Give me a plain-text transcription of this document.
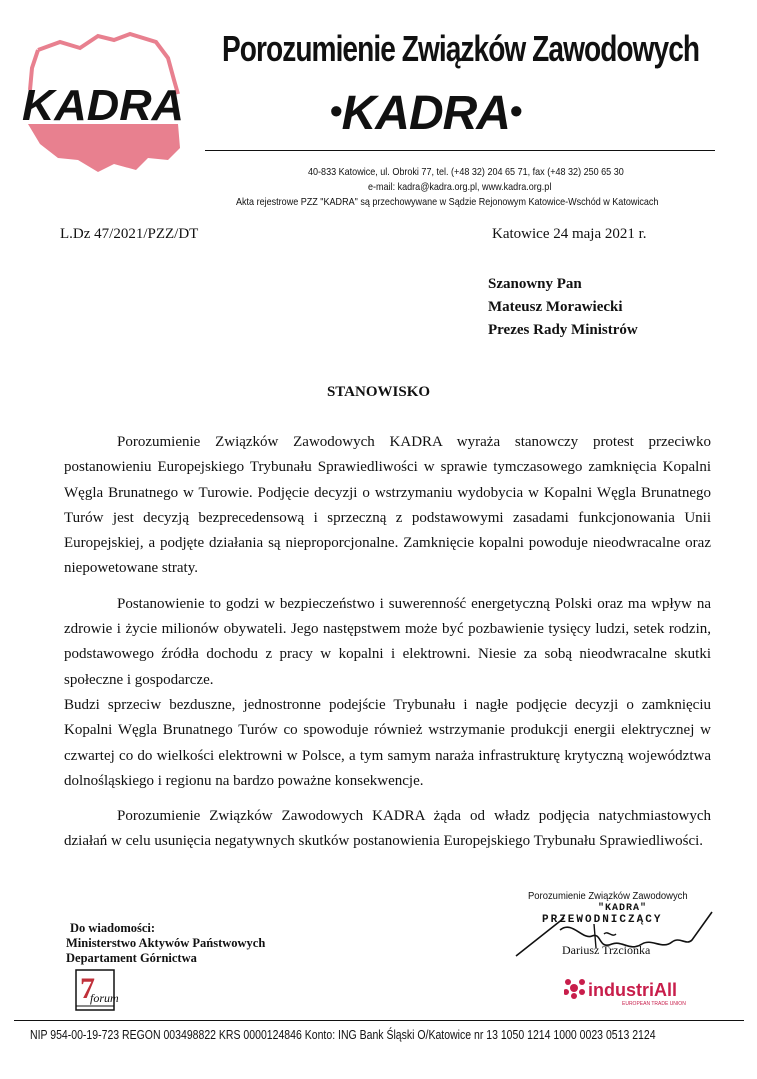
KADRA
Porozumienie Związków Zawodowych
•KADRA•
40-833 Katowice, ul. Obroki 77, tel. (+48 32) 204 65 71, fax (+48 32) 250 65 30
e-mail: kadra@kadra.org.pl, www.kadra.org.pl
Akta rejestrowe PZZ "KADRA" są przechowywane w Sądzie Rejonowym Katowice-Wschód w Katowicach
L.Dz 47/2021/PZZ/DT	Katowice 24 maja 2021 r.
Szanowny Pan
Mateusz Morawiecki
Prezes Rady Ministrów
STANOWISKO

Porozumienie Związków Zawodowych KADRA wyraża stanowczy protest przeciwko postanowieniu Europejskiego Trybunału Sprawiedliwości w sprawie tymczasowego zamknięcia Kopalni Węgla Brunatnego w Turowie. Podjęcie decyzji o wstrzymaniu wydobycia w Kopalni Węgla Brunatnego Turów jest decyzją bezprecedensową i sprzeczną z podstawowymi zasadami funkcjonowania Unii Europejskiej, a podjęte działania są nieproporcjonalne. Zamknięcie kopalni powoduje nieodwracalne oraz niepowetowane straty.

Postanowienie to godzi w bezpieczeństwo i suwerenność energetyczną Polski oraz ma wpływ na zdrowie i życie milionów obywateli. Jego następstwem może być pozbawienie tysięcy ludzi, setek rodzin, podstawowego źródła dochodu z pracy w kopalni i elektrowni. Niesie za sobą nieodwracalne skutki społeczne i gospodarcze.

Budzi sprzeciw bezduszne, jednostronne podejście Trybunału i nagłe podjęcie decyzji o zamknięciu Kopalni Węgla Brunatnego Turów co spowoduje również wstrzymanie produkcji energii elektrycznej w czwartej co do wielkości elektrowni w Polsce, a tym samym naraża infrastrukturę krytyczną województwa dolnośląskiego i regionu na bardzo poważne konsekwencje.

Porozumienie Związków Zawodowych KADRA żąda od władz podjęcia natychmiastowych działań w celu usunięcia negatywnych skutków postanowienia Europejskiego Trybunału Sprawiedliwości.

Porozumienie Związków Zawodowych
"KADRA"
PRZEWODNICZĄCY
Dariusz Trzcionka
Do wiadomości:
Ministerstwo Aktywów Państwowych
Departament Górnictwa
7
forum	industriAll
EUROPEAN TRADE UNION
NIP 954-00-19-723 REGON 003498822 KRS 0000124846 Konto: ING Bank Śląski O/Katowice nr 13 1050 1214 1000 0023 0513 2124
